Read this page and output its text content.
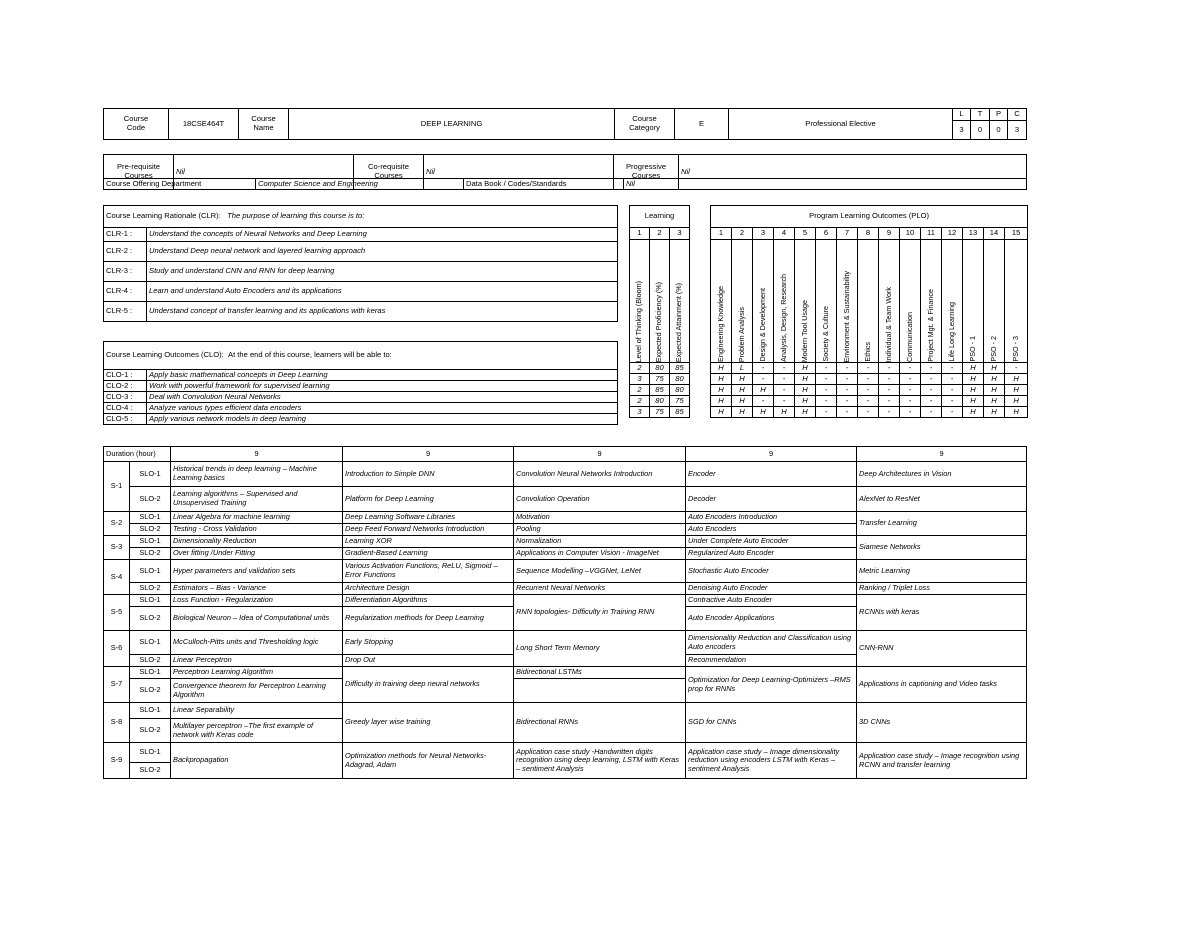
Course
Code	18CSE464T	Course
Name	DEEP LEARNING	Course
Category	E	Professional Elective	L	T	P	C
							3	0	0	3
Pre-requisite
Courses	Nil	Co-requisite
Courses	Nil	Progressive
Courses	Nil
Course Offering Department	Computer Science and Engineering	Data Book / Codes/Standards	Nil
Course Learning Rationale (CLR): The purpose of learning this course is to:	
CLR-1 :	Understand the concepts of Neural Networks and Deep Learning
CLR-2 :	Understand Deep neural network and layered learning approach
CLR-3 :	Study and understand CNN and RNN for deep learning
CLR-4 :	Learn and understand Auto Encoders and its applications
CLR-5 :	Understand concept of transfer learning and its applications with keras
Course Learning Outcomes (CLO): At the end of this course, learners will be able to:	
CLO-1 :	Apply basic mathematical concepts in Deep Learning
CLO-2 :	Work with powerful framework for supervised learning
CLO-3 :	Deal with Convolution Neural Networks
CLO-4 :	Analyze various types efficient data encoders
CLO-5 :	Apply various network models in deep learning
Learning		
1	2	3

Level of Thinking (Bloom)	Expected Proficiency (%)	Expected Attainment (%)

2	80	85
3	75	80
2	85	80
2	80	75
3	75	85
Program Learning Outcomes (PLO)														
1	2	3	4	5	6	7	8	9	10	11	12	13	14	15

Engineering Knowledge	Problem Analysis	Design & Development	Analysis, Design, Research	Modern Tool Usage	Society & Culture	Environment & Sustainability	Ethics	Individual & Team Work	Communication	Project Mgt. & Finance	Life Long Learning	PSO - 1	PSO - 2	PSO - 3

H	L	-	-	H	-	-	-	-	-	-	-	H	H	-
H	H	-	-	H	-	-	-	-	-	-	-	H	H	H
H	H	H	-	H	-	-	-	-	-	-	-	H	H	H
H	H	-	-	H	-	-	-	-	-	-	-	H	H	H
H	H	H	H	H	-	-	-	-	-	-	-	H	H	H
Duration (hour)		9	9	9	9	9
S-1	SLO-1	Historical trends in deep learning – Machine Learning basics	Introduction to Simple DNN	Convolution Neural Networks Introduction	Encoder	Deep Architectures in Vision
	SLO-2	Learning algorithms – Supervised and Unsupervised Training	Platform for Deep Learning	Convolution Operation	Decoder	AlexNet to ResNet
S-2	SLO-1	Linear Algebra for machine learning	Deep Learning Software Libraries	Motivation	Auto Encoders Introduction	Transfer Learning
	SLO-2	Testing - Cross Validation	Deep Feed Forward Networks Introduction	Pooling	Auto Encoders	
S-3	SLO-1	Dimensionality Reduction	Learning XOR	Normalization	Under Complete Auto Encoder	Siamese Networks
	SLO-2	Over fitting /Under Fitting	Gradient-Based Learning	Applications in Computer Vision - ImageNet	Regularized Auto Encoder	
S-4	SLO-1	Hyper parameters and validation sets	Various Activation Functions, ReLU, Sigmoid – Error Functions	Sequence Modelling –VGGNet, LeNet	Stochastic Auto Encoder	Metric Learning
	SLO-2	Estimators – Bias - Variance	Architecture Design	Recurrent Neural Networks	Denoising Auto Encoder	Ranking / Triplet Loss
S-5	SLO-1	Loss Function - Regularization	Differentiation Algorithms	RNN topologies- Difficulty in Training RNN	Contractive Auto Encoder	RCNNs with keras
	SLO-2	Biological Neuron – Idea of Computational units	Regularization methods for Deep Learning		Auto Encoder Applications	
S-6	SLO-1	McCulloch-Pitts units and Thresholding logic	Early Stopping	Long Short Term Memory	Dimensionality Reduction and Classification using Auto encoders	CNN-RNN
	SLO-2	Linear Perceptron	Drop Out		Recommendation	
S-7	SLO-1	Perceptron Learning Algorithm	Difficulty in training deep neural networks	Bidirectional LSTMs	Optimization for Deep Learning-Optimizers –RMS prop for RNNs	Applications in captioning and Video tasks
	SLO-2	Convergence theorem for Perceptron Learning Algorithm				
S-8	SLO-1	Linear Separability	Greedy layer wise training	Bidirectional RNNs	SGD for CNNs	3D CNNs
	SLO-2	Multilayer perceptron –The first example of network with Keras code				
S-9	SLO-1	Backpropagation	Optimization methods for Neural Networks-Adagrad, Adam	Application case study -Handwritten digits recognition using deep learning, LSTM with Keras – sentiment Analysis	Application case study – Image dimensionality reduction using encoders LSTM with Keras – sentiment Analysis	Application case study – Image recognition using RCNN and transfer learning
	SLO-2					
